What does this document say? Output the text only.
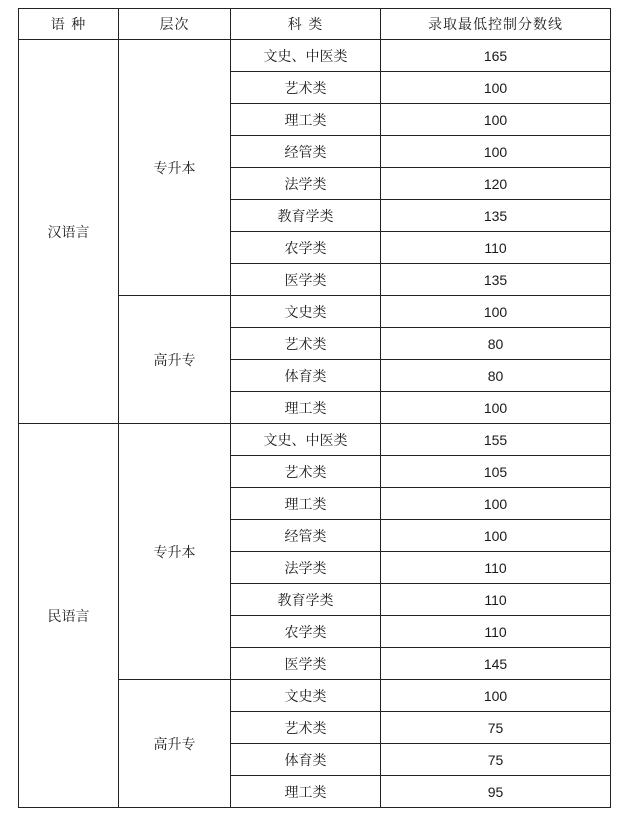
语 种	层次	科 类	录取最低控制分数线
汉语言	专升本	文史、中医类	165
		艺术类	100
		理工类	100
		经管类	100
		法学类	120
		教育学类	135
		农学类	110
		医学类	135
	高升专	文史类	100
		艺术类	80
		体育类	80
		理工类	100
民语言	专升本	文史、中医类	155
		艺术类	105
		理工类	100
		经管类	100
		法学类	110
		教育学类	110
		农学类	110
		医学类	145
	高升专	文史类	100
		艺术类	75
		体育类	75
		理工类	95
